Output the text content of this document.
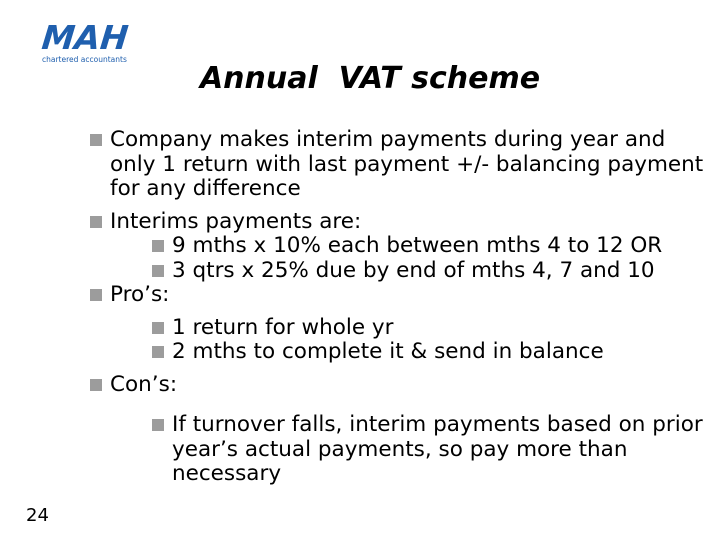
MAH
chartered accountants
Annual  VAT scheme
Company makes interim payments during year and only 1 return with last payment +/- balancing payment for any difference
Interims payments are:
9 mths x 10% each between mths 4 to 12 OR
3 qtrs x 25% due by end of mths 4, 7 and 10
Pro’s:
1 return for whole yr
2 mths to complete it & send in balance
Con’s:
If turnover falls, interim payments based on prior year’s actual payments, so pay more than necessary
24
